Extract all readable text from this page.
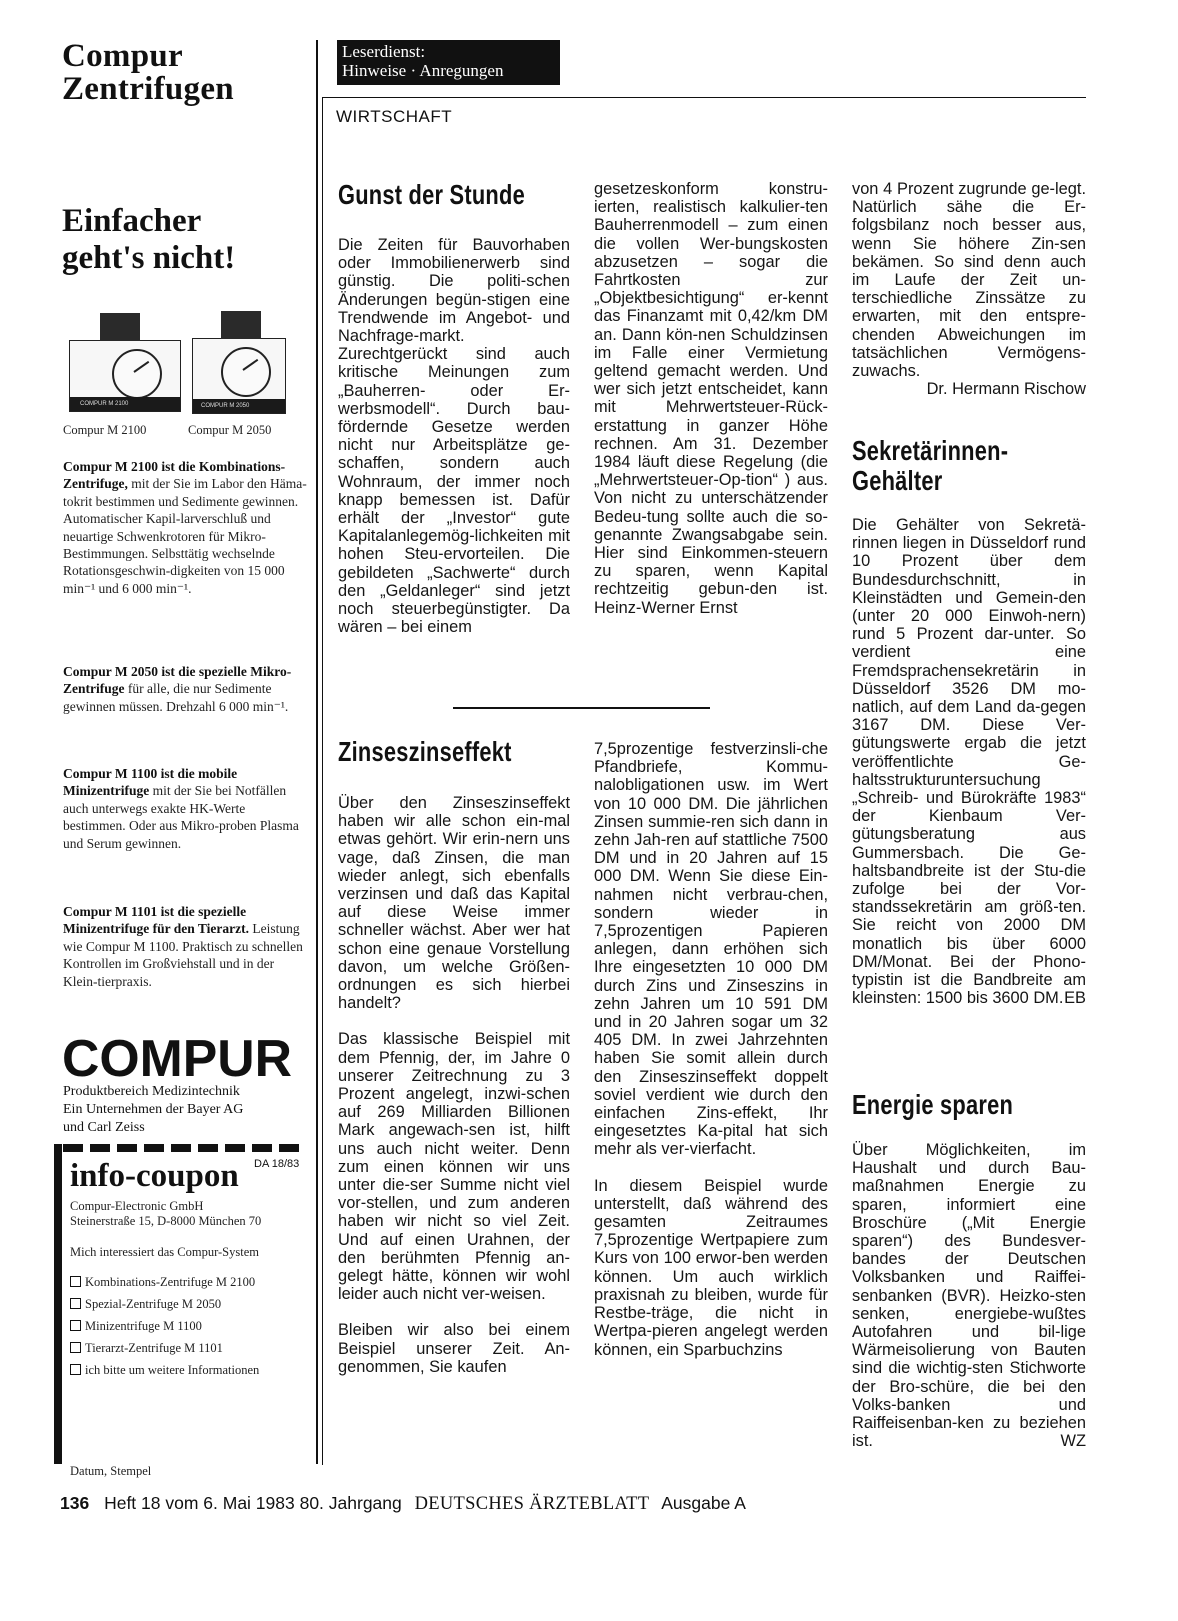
Compur
Zentrifugen
Einfacher
geht's nicht!
COMPUR M 2100	COMPUR M 2050
Compur M 2100	Compur M 2050
Compur M 2100 ist die Kombinations-Zentrifuge, mit der Sie im Labor den Häma-tokrit bestimmen und Sedimente gewinnen. Automatischer Kapil-larverschluß und neuartige Schwenkrotoren für Mikro-Bestimmungen. Selbsttätig wechselnde Rotationsgeschwin-digkeiten von 15 000 min⁻¹ und 6 000 min⁻¹.
Compur M 2050 ist die spezielle Mikro-Zentrifuge für alle, die nur Sedimente gewinnen müssen. Drehzahl 6 000 min⁻¹.
Compur M 1100 ist die mobile Minizentrifuge mit der Sie bei Notfällen auch unterwegs exakte HK-Werte bestimmen. Oder aus Mikro-proben Plasma und Serum gewinnen.
Compur M 1101 ist die spezielle Minizentrifuge für den Tierarzt. Leistung wie Compur M 1100. Praktisch zu schnellen Kontrollen im Großviehstall und in der Klein-tierpraxis.
COMPUR
Produktbereich Medizintechnik
Ein Unternehmen der Bayer AG
und Carl Zeiss
DA 18/83
info-coupon
Compur-Electronic GmbH
Steinerstraße 15, D-8000 München 70
Mich interessiert das Compur-System
Kombinations-Zentrifuge M 2100
Spezial-Zentrifuge M 2050
Minizentrifuge M 1100
Tierarzt-Zentrifuge M 1101
ich bitte um weitere Informationen
Datum, Stempel
Leserdienst:
Hinweise · Anregungen
WIRTSCHAFT
Gunst der Stunde

Die Zeiten für Bauvorhaben oder Immobilienerwerb sind günstig. Die politi-schen Änderungen begün-stigen eine Trendwende im Angebot- und Nachfrage-markt. Zurechtgerückt sind auch kritische Meinungen zum „Bauherren- oder Er-werbsmodell“. Durch bau-fördernde Gesetze werden nicht nur Arbeitsplätze ge-schaffen, sondern auch Wohnraum, der immer noch knapp bemessen ist. Dafür erhält der „Investor“ gute Kapitalanlegemög-lichkeiten mit hohen Steu-ervorteilen. Die gebildeten „Sachwerte“ durch den „Geldanleger“ sind jetzt noch steuerbegünstigter. Da wären – bei einem

gesetzeskonform konstru-ierten, realistisch kalkulier-ten Bauherrenmodell – zum einen die vollen Wer-bungskosten abzusetzen – sogar die Fahrtkosten zur „Objektbesichtigung“ er-kennt das Finanzamt mit 0,42/km DM an. Dann kön-nen Schuldzinsen im Falle einer Vermietung geltend gemacht werden. Und wer sich jetzt entscheidet, kann mit Mehrwertsteuer-Rück-erstattung in ganzer Höhe rechnen. Am 31. Dezember 1984 läuft diese Regelung (die „Mehrwertsteuer-Op-tion“ ) aus. Von nicht zu unterschätzender Bedeu-tung sollte auch die so-genannte Zwangsabgabe sein. Hier sind Einkommen-steuern zu sparen, wenn Kapital rechtzeitig gebun-den ist. Heinz-Werner Ernst

von 4 Prozent zugrunde ge-legt. Natürlich sähe die Er-folgsbilanz noch besser aus, wenn Sie höhere Zin-sen bekämen. So sind denn auch im Laufe der Zeit un-terschiedliche Zinssätze zu erwarten, mit den entspre-chenden Abweichungen im tatsächlichen Vermögens-zuwachs.

Dr. Hermann Rischow

Zinseszinseffekt

Über den Zinseszinseffekt haben wir alle schon ein-mal etwas gehört. Wir erin-nern uns vage, daß Zinsen, die man wieder anlegt, sich ebenfalls verzinsen und daß das Kapital auf diese Weise immer schneller wächst. Aber wer hat schon eine genaue Vorstellung davon, um welche Größen-ordnungen es sich hierbei handelt?

Das klassische Beispiel mit dem Pfennig, der, im Jahre 0 unserer Zeitrechnung zu 3 Prozent angelegt, inzwi-schen auf 269 Milliarden Billionen Mark angewach-sen ist, hilft uns auch nicht weiter. Denn zum einen können wir uns unter die-ser Summe nicht viel vor-stellen, und zum anderen haben wir nicht so viel Zeit. Und auf einen Urahnen, der den berühmten Pfennig an-gelegt hätte, können wir wohl leider auch nicht ver-weisen.

Bleiben wir also bei einem Beispiel unserer Zeit. An-genommen, Sie kaufen

7,5prozentige festverzinsli-che Pfandbriefe, Kommu-nalobligationen usw. im Wert von 10 000 DM. Die jährlichen Zinsen summie-ren sich dann in zehn Jah-ren auf stattliche 7500 DM und in 20 Jahren auf 15 000 DM. Wenn Sie diese Ein-nahmen nicht verbrau-chen, sondern wieder in 7,5prozentigen Papieren anlegen, dann erhöhen sich Ihre eingesetzten 10 000 DM durch Zins und Zinseszins in zehn Jahren um 10 591 DM und in 20 Jahren sogar um 32 405 DM. In zwei Jahrzehnten haben Sie somit allein durch den Zinseszinseffekt doppelt soviel verdient wie durch den einfachen Zins-effekt, Ihr eingesetztes Ka-pital hat sich mehr als ver-vierfacht.

In diesem Beispiel wurde unterstellt, daß während des gesamten Zeitraumes 7,5prozentige Wertpapiere zum Kurs von 100 erwor-ben werden können. Um auch wirklich praxisnah zu bleiben, wurde für Restbe-träge, die nicht in Wertpa-pieren angelegt werden können, ein Sparbuchzins

Sekretärinnen-
Gehälter

Die Gehälter von Sekretä-rinnen liegen in Düsseldorf rund 10 Prozent über dem Bundesdurchschnitt, in Kleinstädten und Gemein-den (unter 20 000 Einwoh-nern) rund 5 Prozent dar-unter. So verdient eine Fremdsprachensekretärin in Düsseldorf 3526 DM mo-natlich, auf dem Land da-gegen 3167 DM. Diese Ver-gütungswerte ergab die jetzt veröffentlichte Ge-haltsstrukturuntersuchung „Schreib- und Bürokräfte 1983“ der Kienbaum Ver-gütungsberatung aus Gummersbach. Die Ge-haltsbandbreite ist der Stu-die zufolge bei der Vor-standssekretärin am größ-ten. Sie reicht von 2000 DM monatlich bis über 6000 DM/Monat. Bei der Phono-typistin ist die Bandbreite am kleinsten: 1500 bis 3600 DM. EB

Energie sparen

Über Möglichkeiten, im Haushalt und durch Bau-maßnahmen Energie zu sparen, informiert eine Broschüre („Mit Energie sparen“) des Bundesver-bandes der Deutschen Volksbanken und Raiffei-senbanken (BVR). Heizko-sten senken, energiebe-wußtes Autofahren und bil-lige Wärmeisolierung von Bauten sind die wichtig-sten Stichworte der Bro-schüre, die bei den Volks-banken und Raiffeisenban-ken zu beziehen ist.	WZ

136 Heft 18 vom 6. Mai 1983 80. Jahrgang DEUTSCHES ÄRZTEBLATT Ausgabe A
